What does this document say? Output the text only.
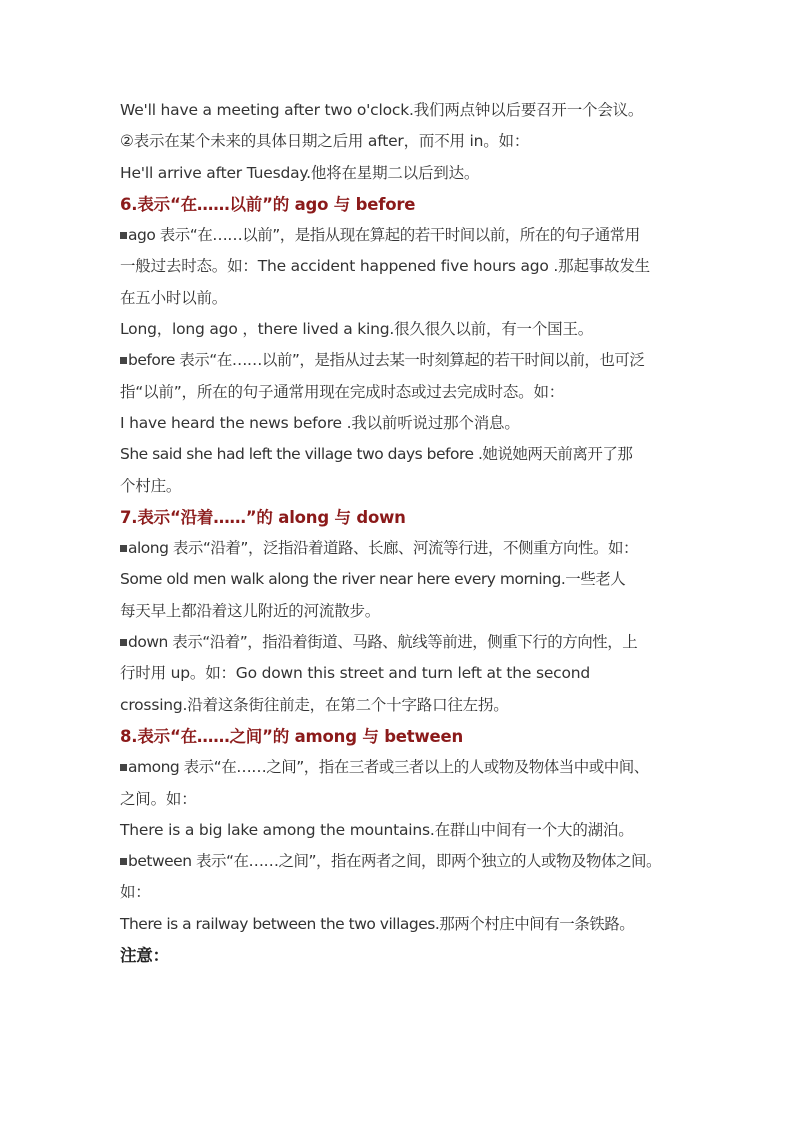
We'll have a meeting after two o'clock.我们两点钟以后要召开一个会议。
②表示在某个未来的具体日期之后用 after，而不用 in。如：
He'll arrive after Tuesday.他将在星期二以后到达。
6.表示“在……以前”的 ago 与 before
ago 表示“在……以前”，是指从现在算起的若干时间以前，所在的句子通常用
一般过去时态。如：The accident happened five hours ago .那起事故发生
在五小时以前。
Long，long ago ，there lived a king.很久很久以前，有一个国王。
before 表示“在……以前”，是指从过去某一时刻算起的若干时间以前，也可泛
指“以前”，所在的句子通常用现在完成时态或过去完成时态。如：
I have heard the news before .我以前听说过那个消息。
She said she had left the village two days before .她说她两天前离开了那
个村庄。
7.表示“沿着……”的 along 与 down
along 表示“沿着”，泛指沿着道路、长廊、河流等行进，不侧重方向性。如：
Some old men walk along the river near here every morning.一些老人
每天早上都沿着这儿附近的河流散步。
down 表示“沿着”，指沿着街道、马路、航线等前进，侧重下行的方向性，上
行时用 up。如：Go down this street and turn left at the second
crossing.沿着这条街往前走，在第二个十字路口往左拐。
8.表示“在……之间”的 among 与 between
among 表示“在……之间”，指在三者或三者以上的人或物及物体当中或中间、
之间。如：
There is a big lake among the mountains.在群山中间有一个大的湖泊。
between 表示“在……之间”，指在两者之间，即两个独立的人或物及物体之间。
如：
There is a railway between the two villages.那两个村庄中间有一条铁路。
注意：
